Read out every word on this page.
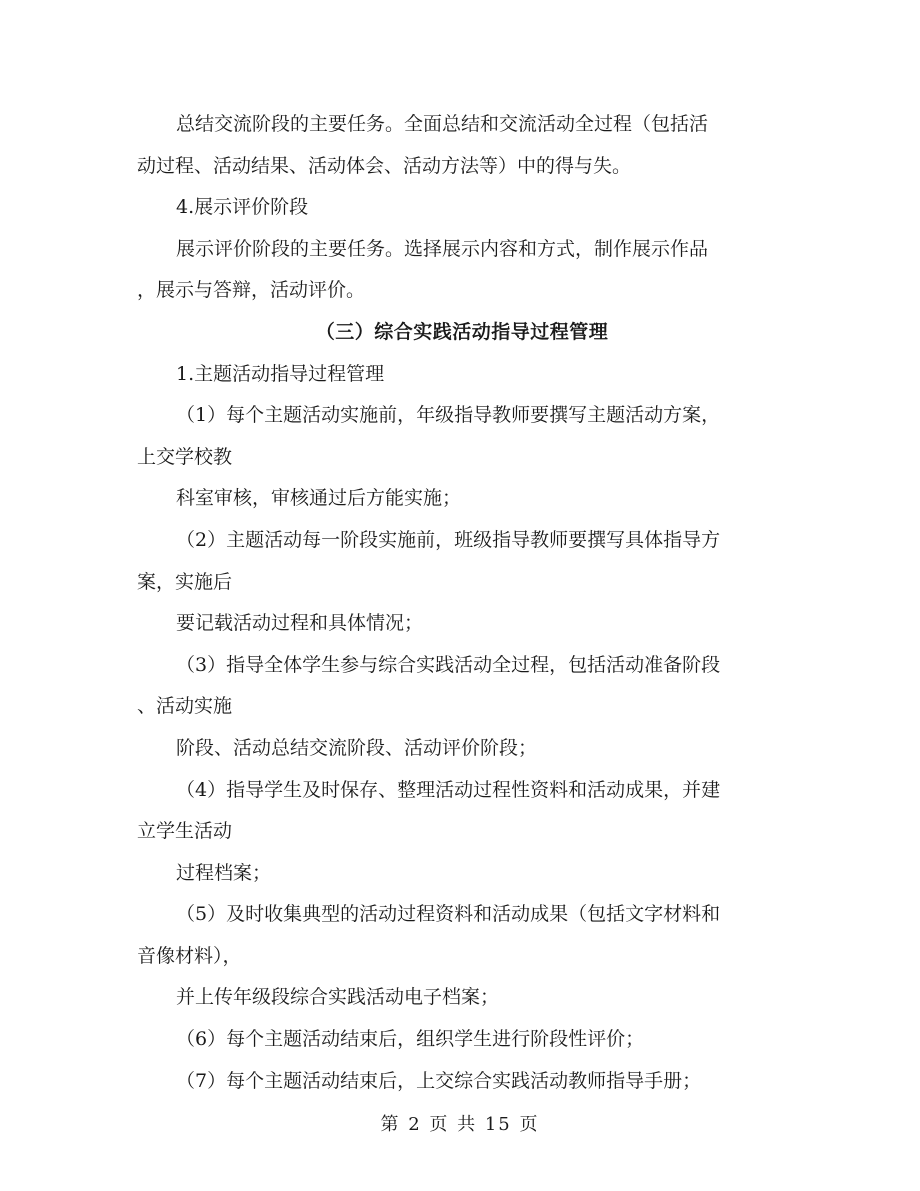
总结交流阶段的主要任务。全面总结和交流活动全过程（包括活
动过程、活动结果、活动体会、活动方法等）中的得与失。
4.展示评价阶段
展示评价阶段的主要任务。选择展示内容和方式，制作展示作品
，展示与答辩，活动评价。
（三）综合实践活动指导过程管理
1.主题活动指导过程管理
（1）每个主题活动实施前，年级指导教师要撰写主题活动方案，
上交学校教
科室审核，审核通过后方能实施；
（2）主题活动每一阶段实施前，班级指导教师要撰写具体指导方
案，实施后
要记载活动过程和具体情况；
（3）指导全体学生参与综合实践活动全过程，包括活动准备阶段
、活动实施
阶段、活动总结交流阶段、活动评价阶段；
（4）指导学生及时保存、整理活动过程性资料和活动成果，并建
立学生活动
过程档案；
（5）及时收集典型的活动过程资料和活动成果（包括文字材料和
音像材料），
并上传年级段综合实践活动电子档案；
（6）每个主题活动结束后，组织学生进行阶段性评价；
（7）每个主题活动结束后，上交综合实践活动教师指导手册；
第 2 页 共 15 页
